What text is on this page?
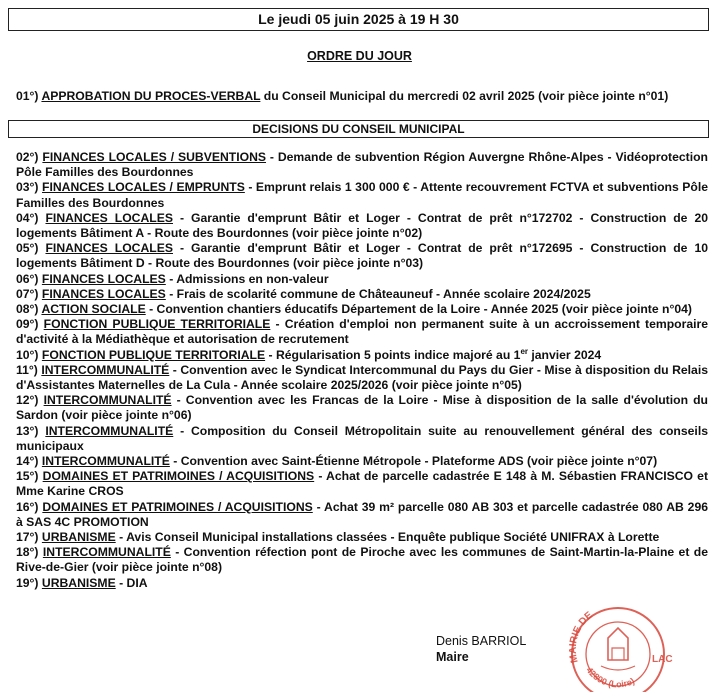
Le jeudi 05 juin 2025 à 19 H 30
ORDRE DU JOUR

01°) APPROBATION DU PROCES-VERBAL du Conseil Municipal du mercredi 02 avril 2025 (voir pièce jointe n°01)

DECISIONS DU CONSEIL MUNICIPAL

02°) FINANCES LOCALES / SUBVENTIONS - Demande de subvention Région Auvergne Rhône-Alpes - Vidéoprotection Pôle Familles des Bourdonnes

03°) FINANCES LOCALES / EMPRUNTS - Emprunt relais 1 300 000 € - Attente recouvrement FCTVA et subventions Pôle Familles des Bourdonnes

04°) FINANCES LOCALES - Garantie d'emprunt Bâtir et Loger - Contrat de prêt n°172702 - Construction de 20 logements Bâtiment A - Route des Bourdonnes (voir pièce jointe n°02)

05°) FINANCES LOCALES - Garantie d'emprunt Bâtir et Loger - Contrat de prêt n°172695 - Construction de 10 logements Bâtiment D - Route des Bourdonnes (voir pièce jointe n°03)

06°) FINANCES LOCALES - Admissions en non-valeur

07°) FINANCES LOCALES - Frais de scolarité commune de Châteauneuf - Année scolaire 2024/2025

08°) ACTION SOCIALE - Convention chantiers éducatifs Département de la Loire - Année 2025 (voir pièce jointe n°04)

09°) FONCTION PUBLIQUE TERRITORIALE - Création d'emploi non permanent suite à un accroissement temporaire d'activité à la Médiathèque et autorisation de recrutement

10°) FONCTION PUBLIQUE TERRITORIALE - Régularisation 5 points indice majoré au 1er janvier 2024

11°) INTERCOMMUNALITÉ - Convention avec le Syndicat Intercommunal du Pays du Gier - Mise à disposition du Relais d'Assistantes Maternelles de La Cula - Année scolaire 2025/2026 (voir pièce jointe n°05)

12°) INTERCOMMUNALITÉ - Convention avec les Francas de la Loire - Mise à disposition de la salle d'évolution du Sardon (voir pièce jointe n°06)

13°) INTERCOMMUNALITÉ - Composition du Conseil Métropolitain suite au renouvellement général des conseils municipaux

14°) INTERCOMMUNALITÉ - Convention avec Saint-Étienne Métropole - Plateforme ADS (voir pièce jointe n°07)

15°) DOMAINES ET PATRIMOINES / ACQUISITIONS - Achat de parcelle cadastrée E 148 à M. Sébastien FRANCISCO et Mme Karine CROS

16°) DOMAINES ET PATRIMOINES / ACQUISITIONS - Achat 39 m² parcelle 080 AB 303 et parcelle cadastrée 080 AB 296 à SAS 4C PROMOTION

17°) URBANISME - Avis Conseil Municipal installations classées - Enquête publique Société UNIFRAX à Lorette

18°) INTERCOMMUNALITÉ - Convention réfection pont de Piroche avec les communes de Saint-Martin-la-Plaine et de Rive-de-Gier (voir pièce jointe n°08)

19°) URBANISME - DIA

Denis BARRIOL
Maire	MAIRIE DE
LAC
42800 (Loire)
